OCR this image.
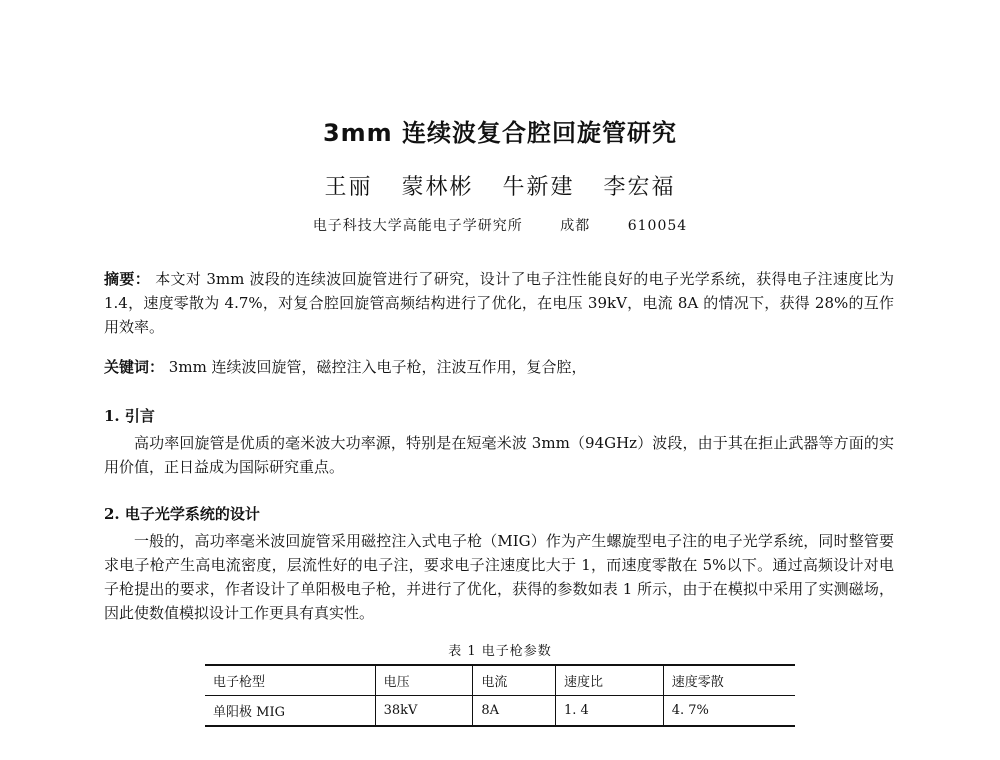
3mm 连续波复合腔回旋管研究
王丽 蒙林彬 牛新建 李宏福
电子科技大学高能电子学研究所	成都	610054
摘要： 本文对 3mm 波段的连续波回旋管进行了研究，设计了电子注性能良好的电子光学系统，获得电子注速度比为 1.4，速度零散为 4.7%，对复合腔回旋管高频结构进行了优化，在电压 39kV，电流 8A 的情况下，获得 28%的互作用效率。
关键词： 3mm 连续波回旋管，磁控注入电子枪，注波互作用，复合腔，
1. 引言
高功率回旋管是优质的毫米波大功率源，特别是在短毫米波 3mm（94GHz）波段，由于其在拒止武器等方面的实用价值，正日益成为国际研究重点。
2. 电子光学系统的设计
一般的，高功率毫米波回旋管采用磁控注入式电子枪（MIG）作为产生螺旋型电子注的电子光学系统，同时整管要求电子枪产生高电流密度，层流性好的电子注，要求电子注速度比大于 1，而速度零散在 5%以下。通过高频设计对电子枪提出的要求，作者设计了单阳极电子枪，并进行了优化，获得的参数如表 1 所示，由于在模拟中采用了实测磁场，因此使数值模拟设计工作更具有真实性。
表 1 电子枪参数
电子枪型	电压	电流	速度比	速度零散
单阳极 MIG	38kV	8A	1. 4	4. 7%
